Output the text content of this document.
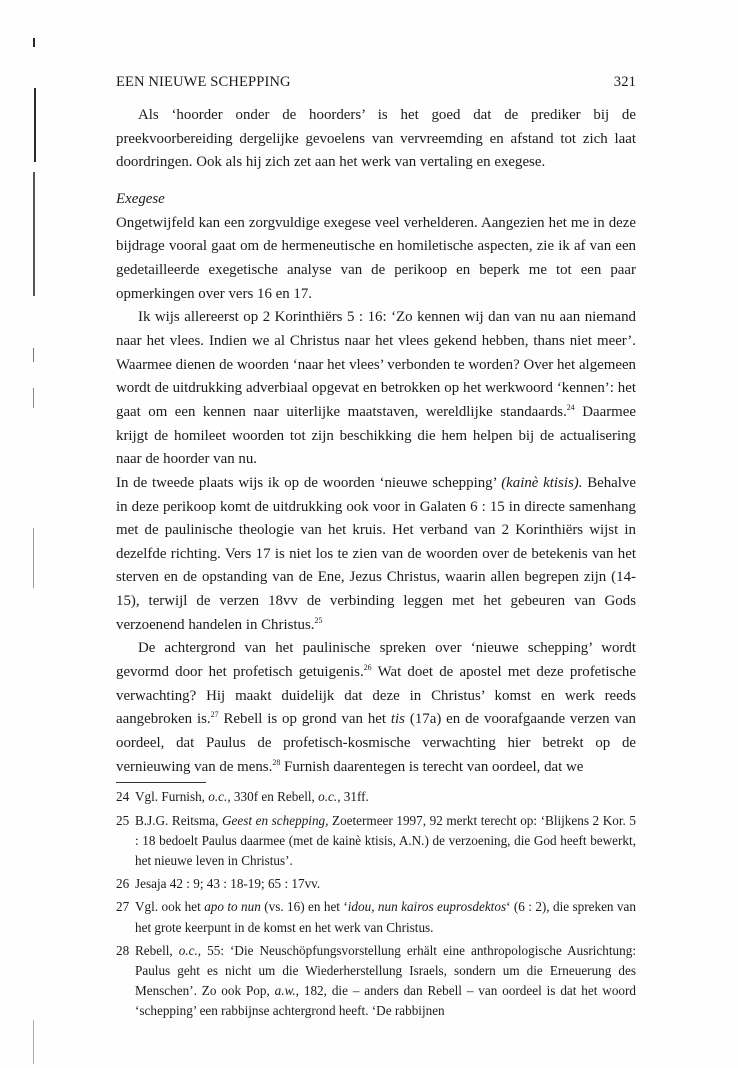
EEN NIEUWE SCHEPPING	321

Als ‘hoorder onder de hoorders’ is het goed dat de prediker bij de preekvoorbereiding dergelijke gevoelens van vervreemding en afstand tot zich laat doordringen. Ook als hij zich zet aan het werk van vertaling en exegese.

Exegese

Ongetwijfeld kan een zorgvuldige exegese veel verhelderen. Aangezien het me in deze bijdrage vooral gaat om de hermeneutische en homiletische aspecten, zie ik af van een gedetailleerde exegetische analyse van de perikoop en beperk me tot een paar opmerkingen over vers 16 en 17.

Ik wijs allereerst op 2 Korinthiërs 5 : 16: ‘Zo kennen wij dan van nu aan niemand naar het vlees. Indien we al Christus naar het vlees gekend hebben, thans niet meer’. Waarmee dienen de woorden ‘naar het vlees’ verbonden te worden? Over het algemeen wordt de uitdrukking adverbiaal opgevat en betrokken op het werkwoord ‘kennen’: het gaat om een kennen naar uiterlijke maatstaven, wereldlijke standaards.$^{24}$ Daarmee krijgt de homileet woorden tot zijn beschikking die hem helpen bij de actualisering naar de hoorder van nu.

In de tweede plaats wijs ik op de woorden ‘nieuwe schepping’ (kainè ktisis). Behalve in deze perikoop komt de uitdrukking ook voor in Galaten 6 : 15 in directe samenhang met de paulinische theologie van het kruis. Het verband van 2 Korinthiërs wijst in dezelfde richting. Vers 17 is niet los te zien van de woorden over de betekenis van het sterven en de opstanding van de Ene, Jezus Christus, waarin allen begrepen zijn (14-15), terwijl de verzen 18vv de verbinding leggen met het gebeuren van Gods verzoenend handelen in Christus.$^{25}$

De achtergrond van het paulinische spreken over ‘nieuwe schepping’ wordt gevormd door het profetisch getuigenis.$^{26}$ Wat doet de apostel met deze profetische verwachting? Hij maakt duidelijk dat deze in Christus’ komst en werk reeds aangebroken is.$^{27}$ Rebell is op grond van het tis (17a) en de voorafgaande verzen van oordeel, dat Paulus de profetisch-kosmische verwachting hier betrekt op de vernieuwing van de mens.$^{28}$ Furnish daarentegen is terecht van oordeel, dat we

24 Vgl. Furnish, o.c., 330f en Rebell, o.c., 31ff.
25 B.J.G. Reitsma, Geest en schepping, Zoetermeer 1997, 92 merkt terecht op: ‘Blijkens 2 Kor. 5 : 18 bedoelt Paulus daarmee (met de kainè ktisis, A.N.) de verzoening, die God heeft bewerkt, het nieuwe leven in Christus’.
26 Jesaja 42 : 9; 43 : 18-19; 65 : 17vv.
27 Vgl. ook het apo to nun (vs. 16) en het ‘idou, nun kairos euprosdektos‘ (6 : 2), die spreken van het grote keerpunt in de komst en het werk van Christus.
28 Rebell, o.c., 55: ‘Die Neuschöpfungsvorstellung erhält eine anthropologische Ausrichtung: Paulus geht es nicht um die Wiederherstellung Israels, sondern um die Erneuerung des Menschen’. Zo ook Pop, a.w., 182, die – anders dan Rebell – van oordeel is dat het woord ‘schepping’ een rabbijnse achtergrond heeft. ‘De rabbijnen
